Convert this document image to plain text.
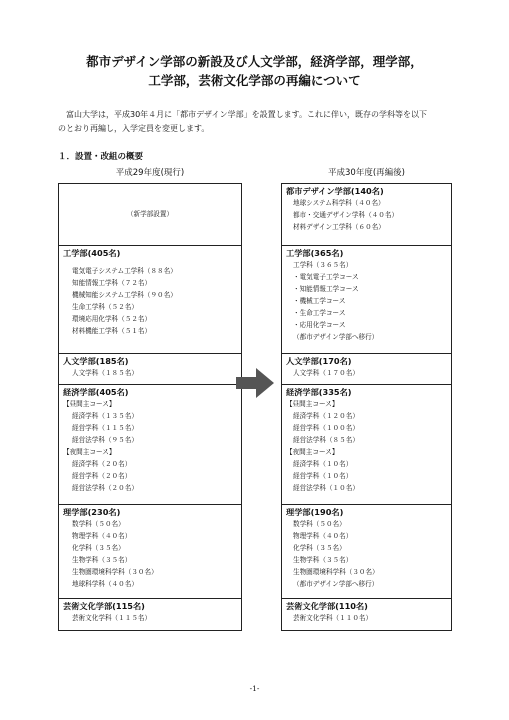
都市デザイン学部の新設及び人文学部，経済学部，理学部，
工学部，芸術文化学部の再編について

富山大学は，平成30年４月に「都市デザイン学部」を設置します。これに伴い，既存の学科等を以下

のとおり再編し，入学定員を変更します。

１．設置・改組の概要
平成29年度(現行)	平成30年度(再編後)
（新学部設置）
工学部(405名)
電気電子システム工学科（８８名）
知能情報工学科（７２名）
機械知能システム工学科（９０名）
生命工学科（５２名）
環境応用化学科（５２名）
材料機能工学科（５１名）
人文学部(185名)
人文学科（１８５名）
経済学部(405名)
【昼間主コース】
経済学科（１３５名）
経営学科（１１５名）
経営法学科（９５名）
【夜間主コース】
経済学科（２０名）
経営学科（２０名）
経営法学科（２０名）
理学部(230名)
数学科（５０名）
物理学科（４０名）
化学科（３５名）
生物学科（３５名）
生物圏環境科学科（３０名）
地球科学科（４０名）
芸術文化学部(115名)
芸術文化学科（１１５名）
都市デザイン学部(140名)
地球システム科学科（４０名）
都市・交通デザイン学科（４０名）
材料デザイン工学科（６０名）
工学部(365名)
工学科（３６５名）
・電気電子工学コース
・知能情報工学コース
・機械工学コース
・生命工学コース
・応用化学コース
（都市デザイン学部へ移行）
人文学部(170名)
人文学科（１７０名）
経済学部(335名)
【昼間主コース】
経済学科（１２０名）
経営学科（１００名）
経営法学科（８５名）
【夜間主コース】
経済学科（１０名）
経営学科（１０名）
経営法学科（１０名）
理学部(190名)
数学科（５０名）
物理学科（４０名）
化学科（３５名）
生物学科（３５名）
生物圏環境科学科（３０名）
（都市デザイン学部へ移行）
芸術文化学部(110名)
芸術文化学科（１１０名）
-1-
